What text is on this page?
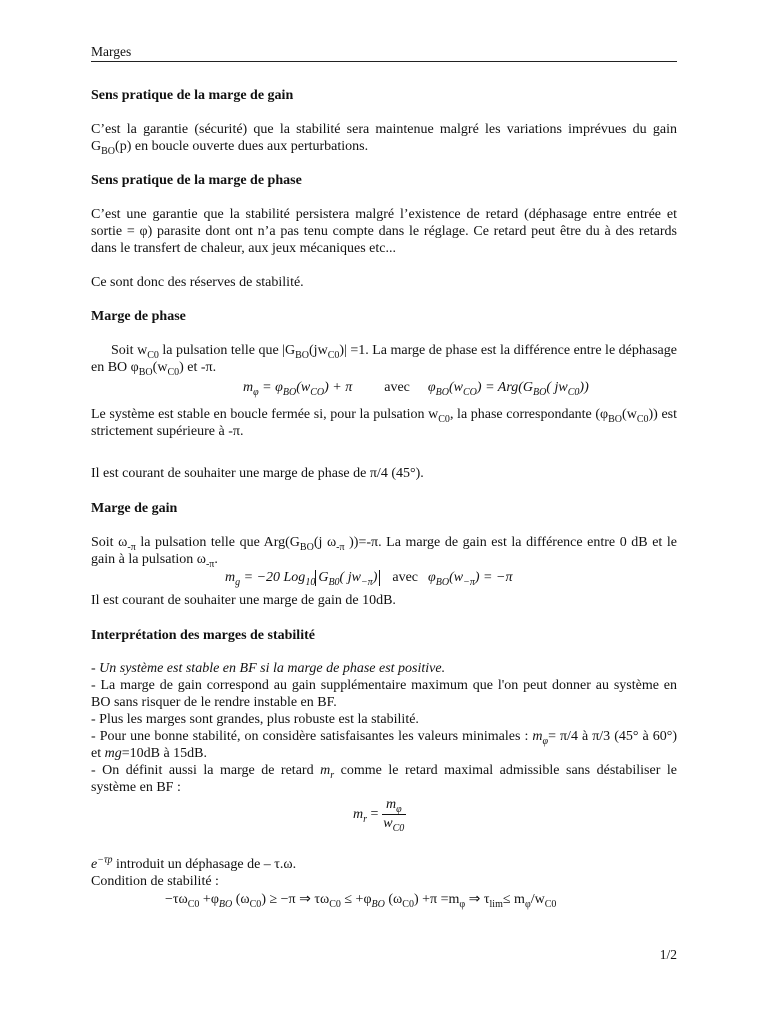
Marges
Sens pratique de la marge de gain
C’est la garantie (sécurité) que la stabilité sera maintenue malgré les variations imprévues du gain $G_{BO}(p)$ en boucle ouverte dues aux perturbations.
Sens pratique de la marge de phase
C’est une garantie que la stabilité persistera malgré l’existence de retard (déphasage entre entrée et sortie = φ) parasite dont ont n’a pas tenu compte dans le réglage. Ce retard peut être du à des retards dans le transfert de chaleur, aux jeux mécaniques etc...
Ce sont donc des réserves de stabilité.
Marge de phase
Soit $w_{C0}$ la pulsation telle que $|G_{BO}(jw_{C0})| =1$. La marge de phase est la différence entre le déphasage en BO $\varphi_{BO}(w_{C0})$ et -π.
$m_\varphi = \varphi_{BO}(w_{CO}) + \pi$ avec $\varphi_{BO}(w_{CO}) = Arg(G_{BO}$( $jw_{C0}$))
Le système est stable en boucle fermée si, pour la pulsation $w_{C0}$, la phase correspondante $(\varphi_{BO}(w_{C0}))$ est strictement supérieure à -π.
Il est courant de souhaiter une marge de phase de π/4 (45°).
Marge de gain
Soit $\omega_{-\pi}$ la pulsation telle que $Arg(G_{BO}(j$ $\omega_{-\pi}$ ))=-π. La marge de gain est la différence entre 0 dB et le gain à la pulsation $\omega_{-\pi}$.
$m_g = -20$ Log$_{10}$ $G_{B0}$( $jw_{-\pi}$) avec $\varphi_{BO}(w_{-\pi}) = -\pi$
Il est courant de souhaiter une marge de gain de 10dB.
Interprétation des marges de stabilité
- Un système est stable en BF si la marge de phase est positive.
- La marge de gain correspond au gain supplémentaire maximum que l'on peut donner au système en BO sans risquer de le rendre instable en BF.
- Plus les marges sont grandes, plus robuste est la stabilité.
- Pour une bonne stabilité, on considère satisfaisantes les valeurs minimales : $m_\varphi= \pi/4$ à π/3 (45° à 60°) et mg=10dB à 15dB.
- On définit aussi la marge de retard $m_r$ comme le retard maximal admissible sans déstabiliser le système en BF :
$m_r = \frac{m_\varphi}{w_{C0}}$
$e^{-\tau p}$ introduit un déphasage de – τ.ω.
Condition de stabilité :
$-\tau\omega_{C0} +\varphi_{BO}$ $(\omega_{C0}) \ge -\pi$ ⇒ $\tau\omega_{C0} \le +\varphi_{BO}$ $(\omega_{C0}) +\pi =m_\varphi$ ⇒ $\tau_{lim}\le m_\varphi/w_{C0}$
1/2
